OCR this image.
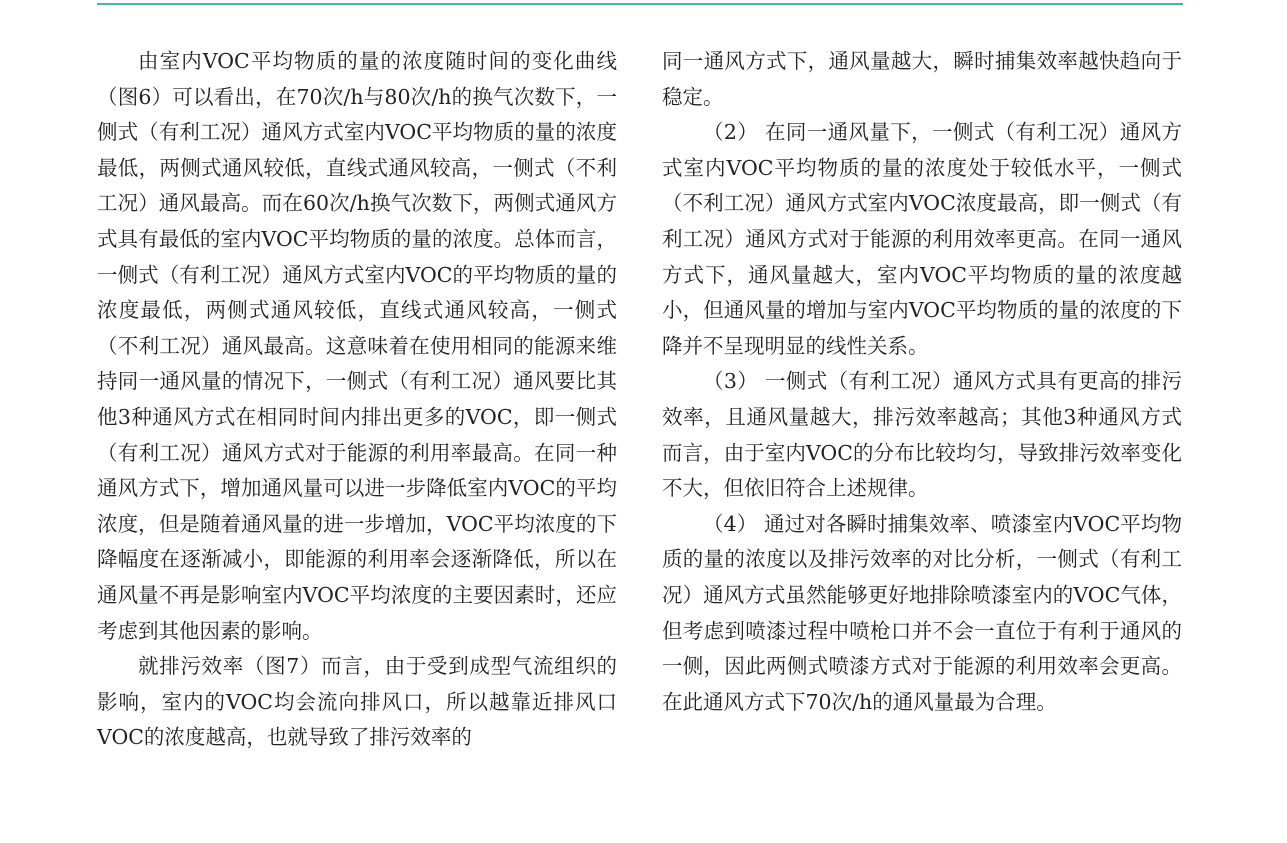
由室内VOC平均物质的量的浓度随时间的变化曲线（图6）可以看出，在70次/h与80次/h的换气次数下，一侧式（有利工况）通风方式室内VOC平均物质的量的浓度最低，两侧式通风较低，直线式通风较高，一侧式（不利工况）通风最高。而在60次/h换气次数下，两侧式通风方式具有最低的室内VOC平均物质的量的浓度。总体而言，一侧式（有利工况）通风方式室内VOC的平均物质的量的浓度最低，两侧式通风较低，直线式通风较高，一侧式（不利工况）通风最高。这意味着在使用相同的能源来维持同一通风量的情况下，一侧式（有利工况）通风要比其他3种通风方式在相同时间内排出更多的VOC，即一侧式（有利工况）通风方式对于能源的利用率最高。在同一种通风方式下，增加通风量可以进一步降低室内VOC的平均浓度，但是随着通风量的进一步增加，VOC平均浓度的下降幅度在逐渐减小，即能源的利用率会逐渐降低，所以在通风量不再是影响室内VOC平均浓度的主要因素时，还应考虑到其他因素的影响。

就排污效率（图7）而言，由于受到成型气流组织的影响，室内的VOC均会流向排风口，所以越靠近排风口VOC的浓度越高，也就导致了排污效率的

同一通风方式下，通风量越大，瞬时捕集效率越快趋向于稳定。

（2） 在同一通风量下，一侧式（有利工况）通风方式室内VOC平均物质的量的浓度处于较低水平，一侧式（不利工况）通风方式室内VOC浓度最高，即一侧式（有利工况）通风方式对于能源的利用效率更高。在同一通风方式下，通风量越大，室内VOC平均物质的量的浓度越小，但通风量的增加与室内VOC平均物质的量的浓度的下降并不呈现明显的线性关系。

（3） 一侧式（有利工况）通风方式具有更高的排污效率，且通风量越大，排污效率越高；其他3种通风方式而言，由于室内VOC的分布比较均匀，导致排污效率变化不大，但依旧符合上述规律。

（4） 通过对各瞬时捕集效率、喷漆室内VOC平均物质的量的浓度以及排污效率的对比分析，一侧式（有利工况）通风方式虽然能够更好地排除喷漆室内的VOC气体，但考虑到喷漆过程中喷枪口并不会一直位于有利于通风的一侧，因此两侧式喷漆方式对于能源的利用效率会更高。在此通风方式下70次/h的通风量最为合理。
